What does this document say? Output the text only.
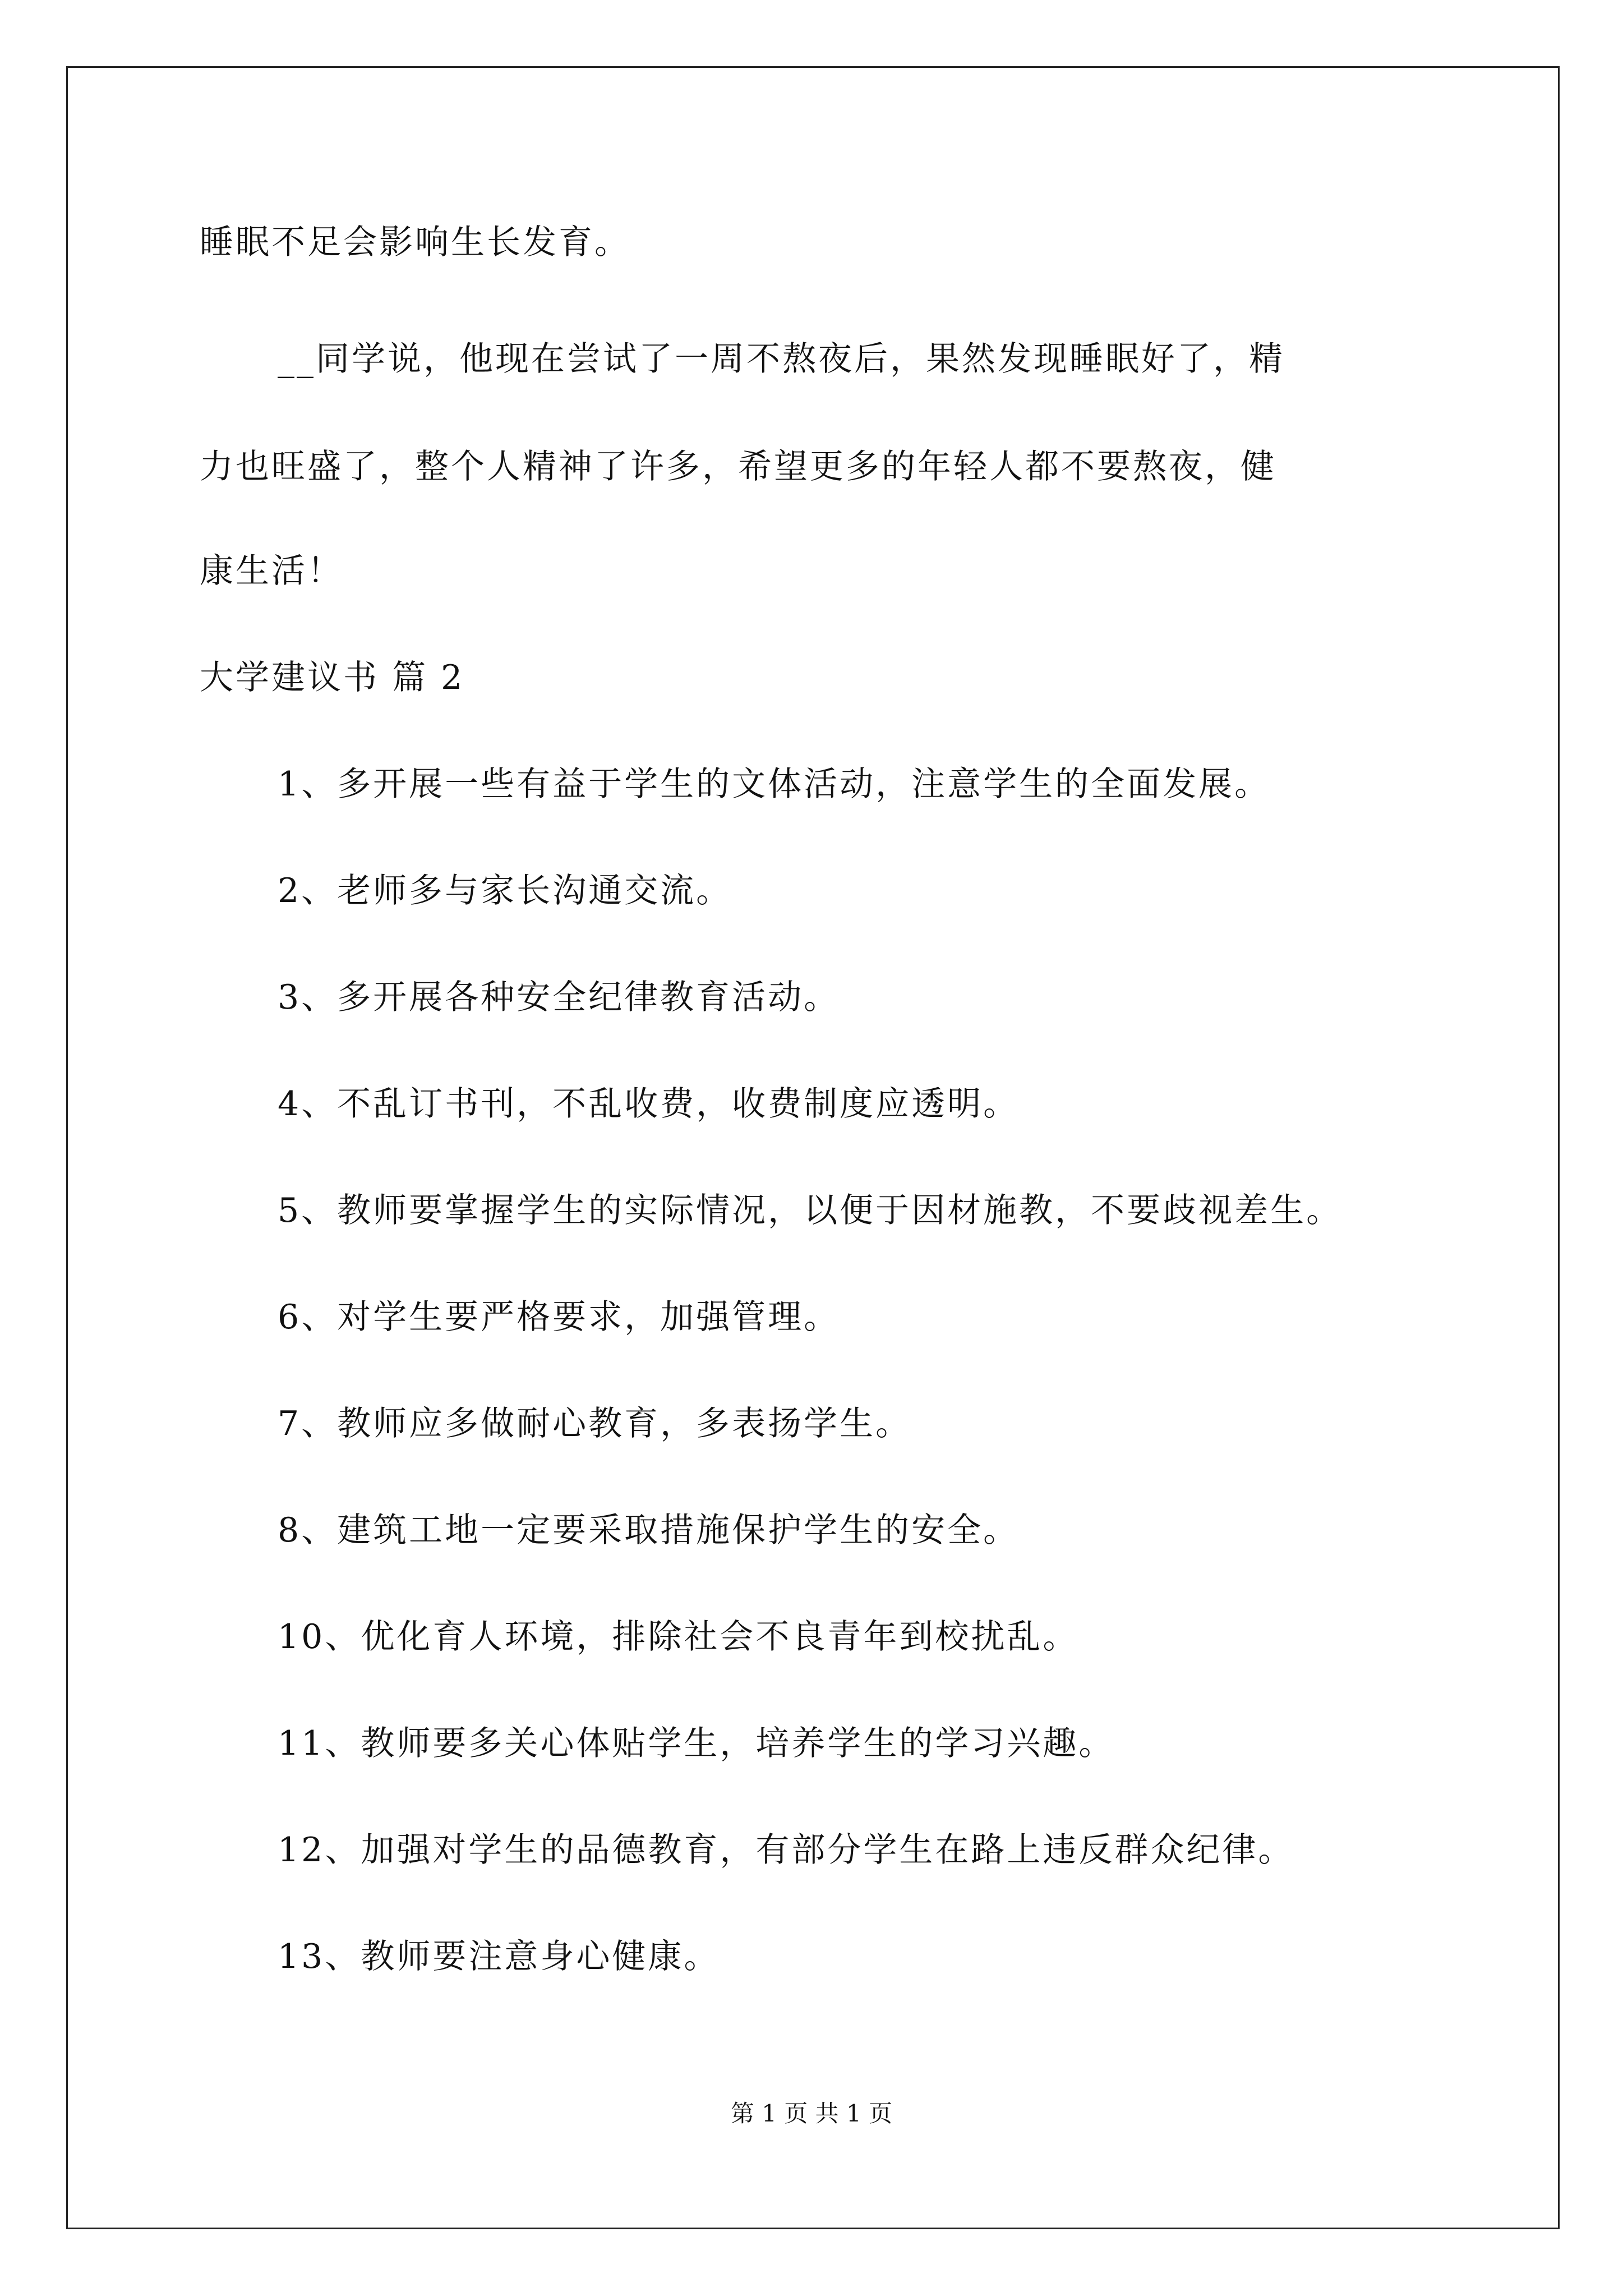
睡眠不足会影响生长发育。
__同学说，他现在尝试了一周不熬夜后，果然发现睡眠好了，精
力也旺盛了，整个人精神了许多，希望更多的年轻人都不要熬夜，健
康生活！
大学建议书 篇 2
1、多开展一些有益于学生的文体活动，注意学生的全面发展。
2、老师多与家长沟通交流。
3、多开展各种安全纪律教育活动。
4、不乱订书刊，不乱收费，收费制度应透明。
5、教师要掌握学生的实际情况，以便于因材施教，不要歧视差生。
6、对学生要严格要求，加强管理。
7、教师应多做耐心教育，多表扬学生。
8、建筑工地一定要采取措施保护学生的安全。
10、优化育人环境，排除社会不良青年到校扰乱。
11、教师要多关心体贴学生，培养学生的学习兴趣。
12、加强对学生的品德教育，有部分学生在路上违反群众纪律。
13、教师要注意身心健康。
第 1 页 共 1 页
